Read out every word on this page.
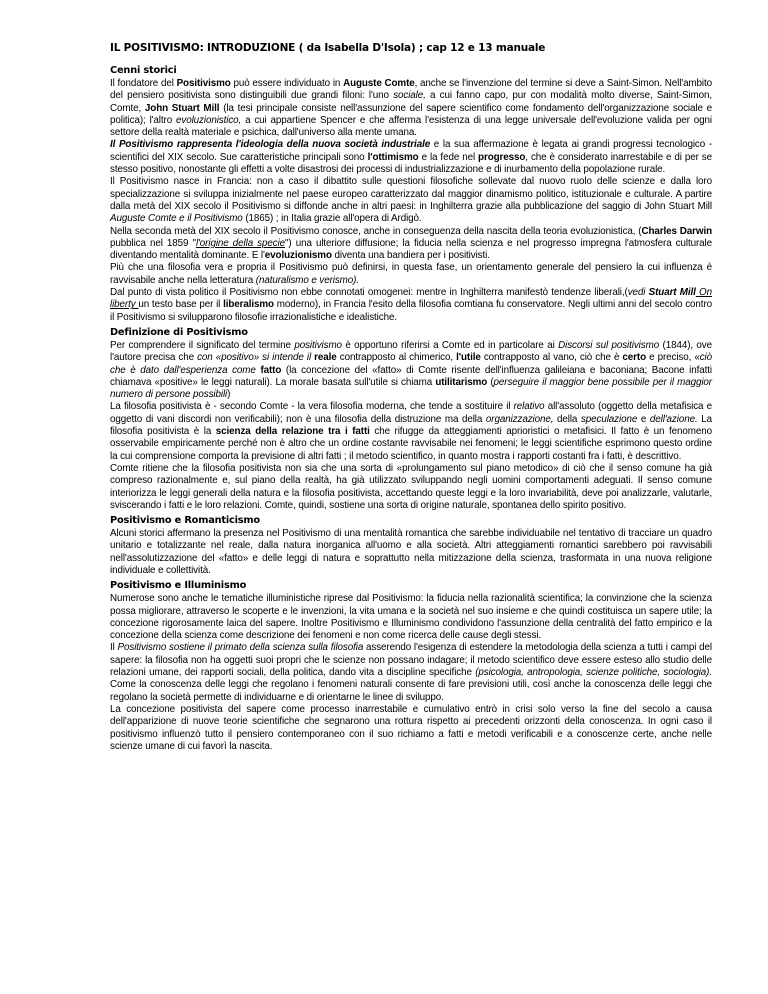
IL POSITIVISMO: INTRODUZIONE ( da Isabella D'Isola) ; cap 12 e 13 manuale
Cenni storici

Il fondatore del Positivismo può essere individuato in Auguste Comte, anche se l'invenzione del termine si deve a Saint-Simon. Nell'ambito del pensiero positivista sono distinguibili due grandi filoni: l'uno sociale, a cui fanno capo, pur con modalità molto diverse, Saint-Simon, Comte, John Stuart Mill (la tesi principale consiste nell'assunzione del sapere scientifico come fondamento dell'organizzazione sociale e politica); l'altro evoluzionistico, a cui appartiene Spencer e che afferma l'esistenza di una legge universale dell'evoluzione valida per ogni settore della realtà materiale e psichica, dall'universo alla mente umana.

Il Positivismo rappresenta l'ideologia della nuova società industriale e la sua affermazione è legata ai grandi progressi tecnologico - scientifici del XIX secolo. Sue caratteristiche principali sono l'ottimismo e la fede nel progresso, che è considerato inarrestabile e di per se stesso positivo, nonostante gli effetti a volte disastrosi dei processi di industrializzazione e di inurbamento della popolazione rurale.

Il Positivismo nasce in Francia: non a caso il dibattito sulle questioni filosofiche sollevate dal nuovo ruolo delle scienze e dalla loro specializzazione si sviluppa inizialmente nel paese europeo caratterizzato dal maggior dinamismo politico, istituzionale e culturale. A partire dalla metà del XIX secolo il Positivismo si diffonde anche in altri paesi: in Inghilterra grazie alla pubblicazione del saggio di John Stuart Mill Auguste Comte e il Positivismo (1865) ; in Italia grazie all'opera di Ardigò.

Nella seconda metà del XIX secolo il Positivismo conosce, anche in conseguenza della nascita della teoria evoluzionistica, (Charles Darwin pubblica nel 1859 "l'origine della specie") una ulteriore diffusione; la fiducia nella scienza e nel progresso impregna l'atmosfera culturale diventando mentalità dominante. E l'evoluzionismo diventa una bandiera per i positivisti.

Più che una filosofia vera e propria il Positivismo può definirsi, in questa fase, un orientamento generale del pensiero la cui influenza è ravvisabile anche nella letteratura (naturalismo e verismo).

Dal punto di vista politico il Positivismo non ebbe connotati omogenei: mentre in Inghilterra manifestò tendenze liberali,(vedi Stuart Mill On liberty un testo base per il liberalismo moderno), in Francia l'esito della filosofia comtiana fu conservatore. Negli ultimi anni del secolo contro il Positivismo si svilupparono filosofie irrazionalistiche e idealistiche.

Definizione di Positivismo

Per comprendere il significato del termine positivismo è opportuno riferirsi a Comte ed in particolare ai Discorsi sul positivismo (1844), ove l'autore precisa che con «positivo» si intende il reale contrapposto al chimerico, l'utile contrapposto al vano, ciò che è certo e preciso, «ciò che è dato dall'esperienza come fatto (la concezione del «fatto» di Comte risente dell'influenza galileiana e baconiana; Bacone infatti chiamava «positive» le leggi naturali). La morale basata sull'utile si chiama utilitarismo (perseguire il maggior bene possibile per il maggior numero di persone possibili)

La filosofia positivista è - secondo Comte - la vera filosofia moderna, che tende a sostituire il relativo all'assoluto (oggetto della metafisica e oggetto di vani discordi non verificabili); non è una filosofia della distruzione ma della organizzazione, della speculazione e dell'azione. La filosofia positivista è la scienza della relazione tra i fatti che rifugge da atteggiamenti aprioristici o metafisici. Il fatto è un fenomeno osservabile empiricamente perché non è altro che un ordine costante ravvisabile nei fenomeni; le leggi scientifiche esprimono questo ordine la cui comprensione comporta la previsione di altri fatti ; il metodo scientifico, in quanto mostra i rapporti costanti fra i fatti, è descrittivo.

Comte ritiene che la filosofia positivista non sia che una sorta di «prolungamento sul piano metodico» di ciò che il senso comune ha già compreso razionalmente e, sul piano della realtà, ha già utilizzato sviluppando negli uomini comportamenti adeguati. Il senso comune interiorizza le leggi generali della natura e la filosofia positivista, accettando queste leggi e la loro invariabilità, deve poi analizzarle, valutarle, sviscerando i fatti e le loro relazioni. Comte, quindi, sostiene una sorta di origine naturale, spontanea dello spirito positivo.

Positivismo e Romanticismo

Alcuni storici affermano la presenza nel Positivismo di una mentalità romantica che sarebbe individuabile nel tentativo di tracciare un quadro unitario e totalizzante nel reale, dalla natura inorganica all'uomo e alla società. Altri atteggiamenti romantici sarebbero poi ravvisabili nell'assolutizzazione del «fatto» e delle leggi di natura e soprattutto nella mitizzazione della scienza, trasformata in una nuova religione individuale e collettività.

Positivismo e Illuminismo

Numerose sono anche le tematiche illuministiche riprese dal Positivismo: la fiducia nella razionalità scientifica; la convinzione che la scienza possa migliorare, attraverso le scoperte e le invenzioni, la vita umana e la società nel suo insieme e che quindi costituisca un sapere utile; la concezione rigorosamente laica del sapere. Inoltre Positivismo e Illuminismo condividono l'assunzione della centralità del fatto empirico e la concezione della scienza come descrizione dei fenomeni e non come ricerca delle cause degli stessi.

Il Positivismo sostiene il primato della scienza sulla filosofia asserendo l'esigenza di estendere la metodologia della scienza a tutti i campi del sapere: la filosofia non ha oggetti suoi propri che le scienze non possano indagare; il metodo scientifico deve essere esteso allo studio delle relazioni umane, dei rapporti sociali, della politica, dando vita a discipline specifiche (psicologia, antropologia, scienze politiche, sociologia). Come la conoscenza delle leggi che regolano i fenomeni naturali consente di fare previsioni utili, così anche la conoscenza delle leggi che regolano la società permette di individuarne e di orientarne le linee di sviluppo.

La concezione positivista del sapere come processo inarrestabile e cumulativo entrò in crisi solo verso la fine del secolo a causa dell'apparizione di nuove teorie scientifiche che segnarono una rottura rispetto ai precedenti orizzonti della conoscenza. In ogni caso il positivismo influenzò tutto il pensiero contemporaneo con il suo richiamo a fatti e metodi verificabili e a conoscenze certe, anche nelle scienze umane di cui favorì la nascita.
